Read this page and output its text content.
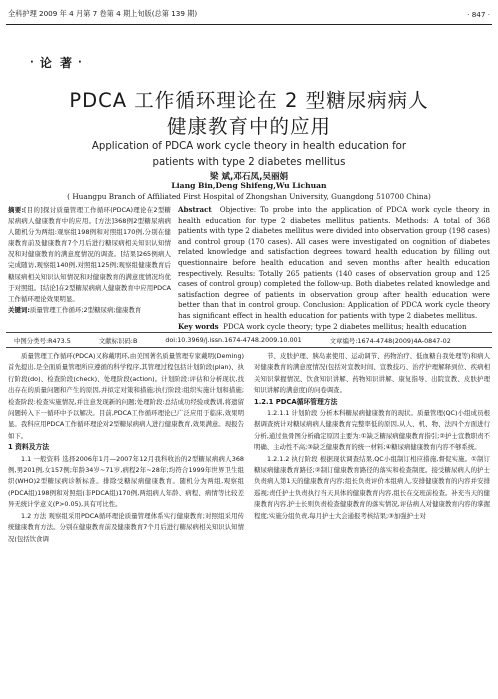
全科护理 2009 年 4 月第 7 卷第 4 期上旬版(总第 139 期)	· 847 ·
· 论 著 ·
PDCA 工作循环理论在 2 型糖尿病病人
健康教育中的应用
Application of PDCA work cycle theory in health education for
patients with type 2 diabetes mellitus
梁 斌,邓石凤,吴丽娟
Liang Bin,Deng Shifeng,Wu Lichuan
( Huangpu Branch of Affiliated First Hospital of Zhongshan University, Guangdong 510700 China)
摘要:[目的]探讨质量管理工作循环(PDCA)理论在2型糖尿病病人健康教育中的应用。[方法]368例2型糖尿病病人随机分为两组:观察组198例和对照组170例,分别在健康教育前及健康教育7个月后进行糖尿病相关知识认知情况和对健康教育的满意度情况的调查。[结果]265例病人完成随访,观察组140例,对照组125例;观察组健康教育后糖尿病相关知识认知情况和对健康教育的满意度情况均优于对照组。[结论]在2型糖尿病病人健康教育中应用PDCA工作循环理论效果明显。
关键词:质量管理工作循环;2型糖尿病;健康教育
Abstract Objective: To probe into the application of PDCA work cycle theory in health education for type 2 diabetes mellitus patients. Methods: A total of 368 patients with type 2 diabetes mellitus were divided into observation group (198 cases) and control group (170 cases). All cases were investigated on cognition of diabetes related knowledge and satisfaction degrees toward health education by filling out questionnaire before health education and seven months after health education respectively. Results: Totally 265 patients (140 cases of observation group and 125 cases of control group) completed the follow-up. Both diabetes related knowledge and satisfaction degree of patients in observation group after health education were better than that in control group. Conclusion: Application of PDCA work cycle theory has significant effect in health education for patients with type 2 diabetes mellitus.
Key words PDCA work cycle theory; type 2 diabetes mellitus; health education
中图分类号:R473.5	文献标识码:B	doi:10.3969/j.issn.1674-4748.2009.10.001	文章编号:1674-4748(2009)4A-0847-02

质量管理工作循环(PDCA)又称戴明环,由美国著名质量管理专家戴明(Deming)首先提出,是全面质量管理所应遵循的科学程序,其管理过程包括计划阶段(plan)、执行阶段(do)、检查阶段(check)、处理阶段(action)。计划阶段:评估和分析现状,找出存在的质量问题和产生的原因,并拟定对策和措施;执行阶段:组织实施计划和措施;检查阶段:检查实施情况,并注意发现新的问题;处理阶段:总结成功经验或教训,将遗留问题转入下一循环中予以解决。目前,PDCA工作循环理论已广泛应用于临床,效果明显。我科应用PDCA工作循环理论对2型糖尿病病人进行健康教育,效果满意。现报告如下。

1 资料及方法

1.1 一般资料 选择2006年1月—2007年12月我科收治的2型糖尿病病人368例,男201例,女157例;年龄34岁~71岁,病程2年~28年;均符合1999年世界卫生组织(WHO)2型糖尿病诊断标准。排除受糖尿病健康教育。随机分为两组,观察组(PDCA组)198例和对照组(非PDCA组)170例,两组病人年龄、病程、病情等比较差异无统计学意义(P>0.05),具有可比性。

1.2 方法 观察组采用PDCA循环理论质量管理体系实行健康教育;对照组采用传统健康教育方法。分别在健康教育前及健康教育7个月后进行糖尿病相关知识认知情况(包括饮食调

节、皮肤护理、胰岛素使用、运动调节、药物治疗、低血糖自我处理等)和病人对健康教育的满意度情况(包括对宣教时间、宣教技巧、治疗护理解释到位、疾病相关知识掌握情况、饮食知识讲解、药物知识讲解、康复指导、出院宣教、皮肤护理知识讲解的满意度)的问卷调查。

1.2.1 PDCA循环管理方法

1.2.1.1 计划阶段 分析本科糖尿病健康教育的现状。质量管理(QC)小组成员根据调查统计对糖尿病病人健康教育完整率低的原因,从人、机、物、法四个方面进行分析,通过鱼骨图分析确定原因主要为:①缺乏糖尿病健康教育指引;②护士宣教职责不明确、主动性不高;③缺乏健康教育的统一材料;④糖尿病健康教育内容不够系统。

1.2.1.2 执行阶段 根据现状调查结果,QC小组制订相应措施,督促实施。①制订糖尿病健康教育路径;②制订健康教育路径的落实和检查制度。接受糖尿病人的护士负责病人第1天的健康教育内容;组长负责评价本组病人,安排健康教育的内容并安排巡视;责任护士负责执行当天具体的健康教育内容,组长在交班前检查。补充当天的健康教育内容,护士长则负责检查健康教育的落实情况,评估病人对健康教育内容的掌握程度;实施分组负责,每月护士大会通报考核结果;③加强护士对
